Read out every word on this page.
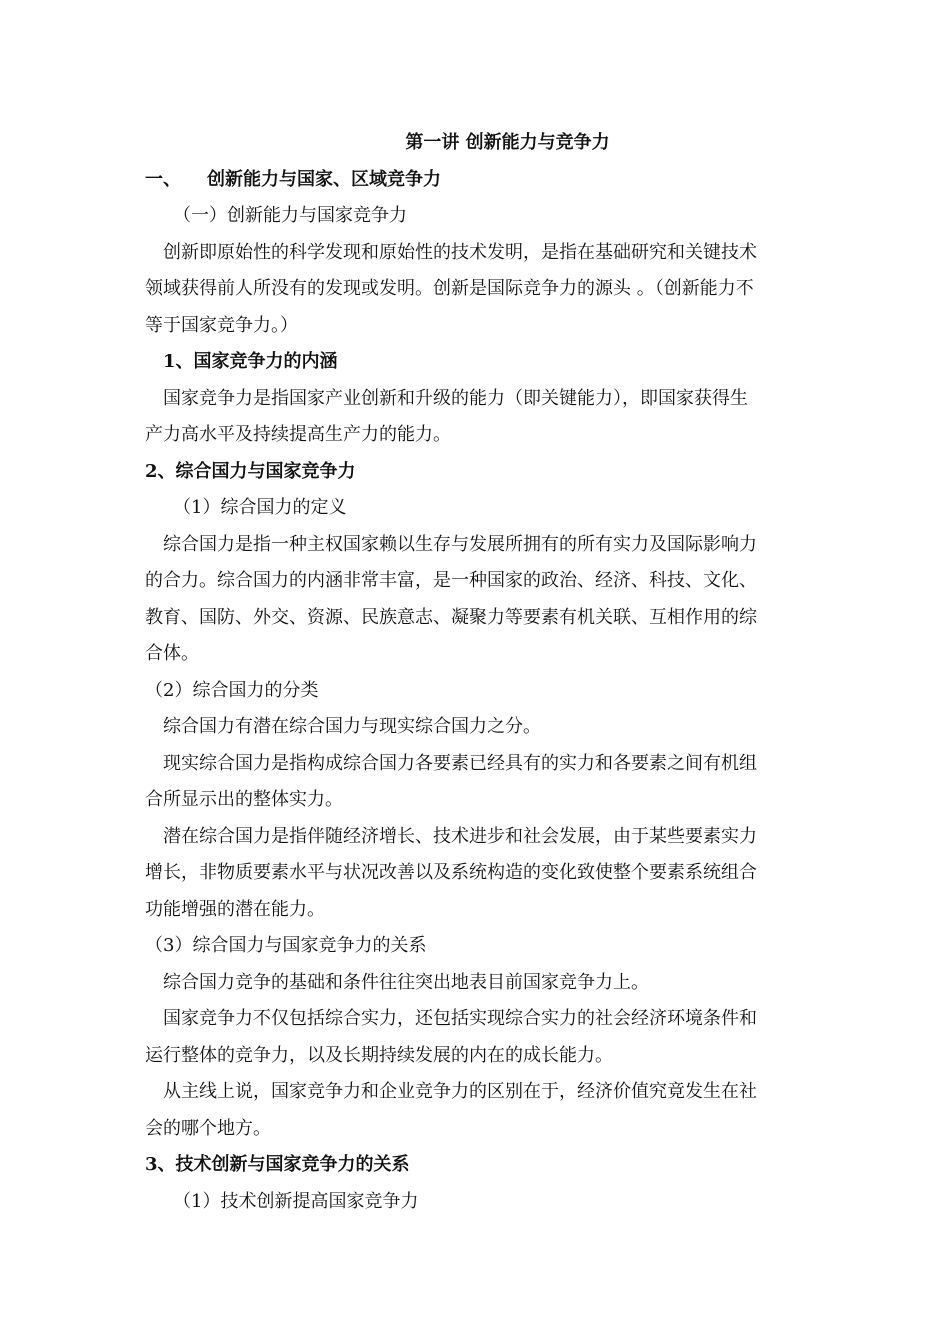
第一讲 创新能力与竞争力
一、 创新能力与国家、区域竞争力
（一）创新能力与国家竞争力
创新即原始性的科学发现和原始性的技术发明，是指在基础研究和关键技术
领域获得前人所没有的发现或发明。创新是国际竞争力的源头 。（创新能力不
等于国家竞争力。）
1、国家竞争力的内涵
国家竞争力是指国家产业创新和升级的能力（即关键能力），即国家获得生
产力高水平及持续提高生产力的能力。
2、综合国力与国家竞争力
（1）综合国力的定义
综合国力是指一种主权国家赖以生存与发展所拥有的所有实力及国际影响力
的合力。综合国力的内涵非常丰富，是一种国家的政治、经济、科技、文化、
教育、国防、外交、资源、民族意志、凝聚力等要素有机关联、互相作用的综
合体。
（2）综合国力的分类
综合国力有潜在综合国力与现实综合国力之分。
现实综合国力是指构成综合国力各要素已经具有的实力和各要素之间有机组
合所显示出的整体实力。
潜在综合国力是指伴随经济增长、技术进步和社会发展，由于某些要素实力
增长，非物质要素水平与状况改善以及系统构造的变化致使整个要素系统组合
功能增强的潜在能力。
（3）综合国力与国家竞争力的关系
综合国力竞争的基础和条件往往突出地表目前国家竞争力上。
国家竞争力不仅包括综合实力，还包括实现综合实力的社会经济环境条件和
运行整体的竞争力，以及长期持续发展的内在的成长能力。
从主线上说，国家竞争力和企业竞争力的区别在于，经济价值究竟发生在社
会的哪个地方。
3、技术创新与国家竞争力的关系
（1）技术创新提高国家竞争力
